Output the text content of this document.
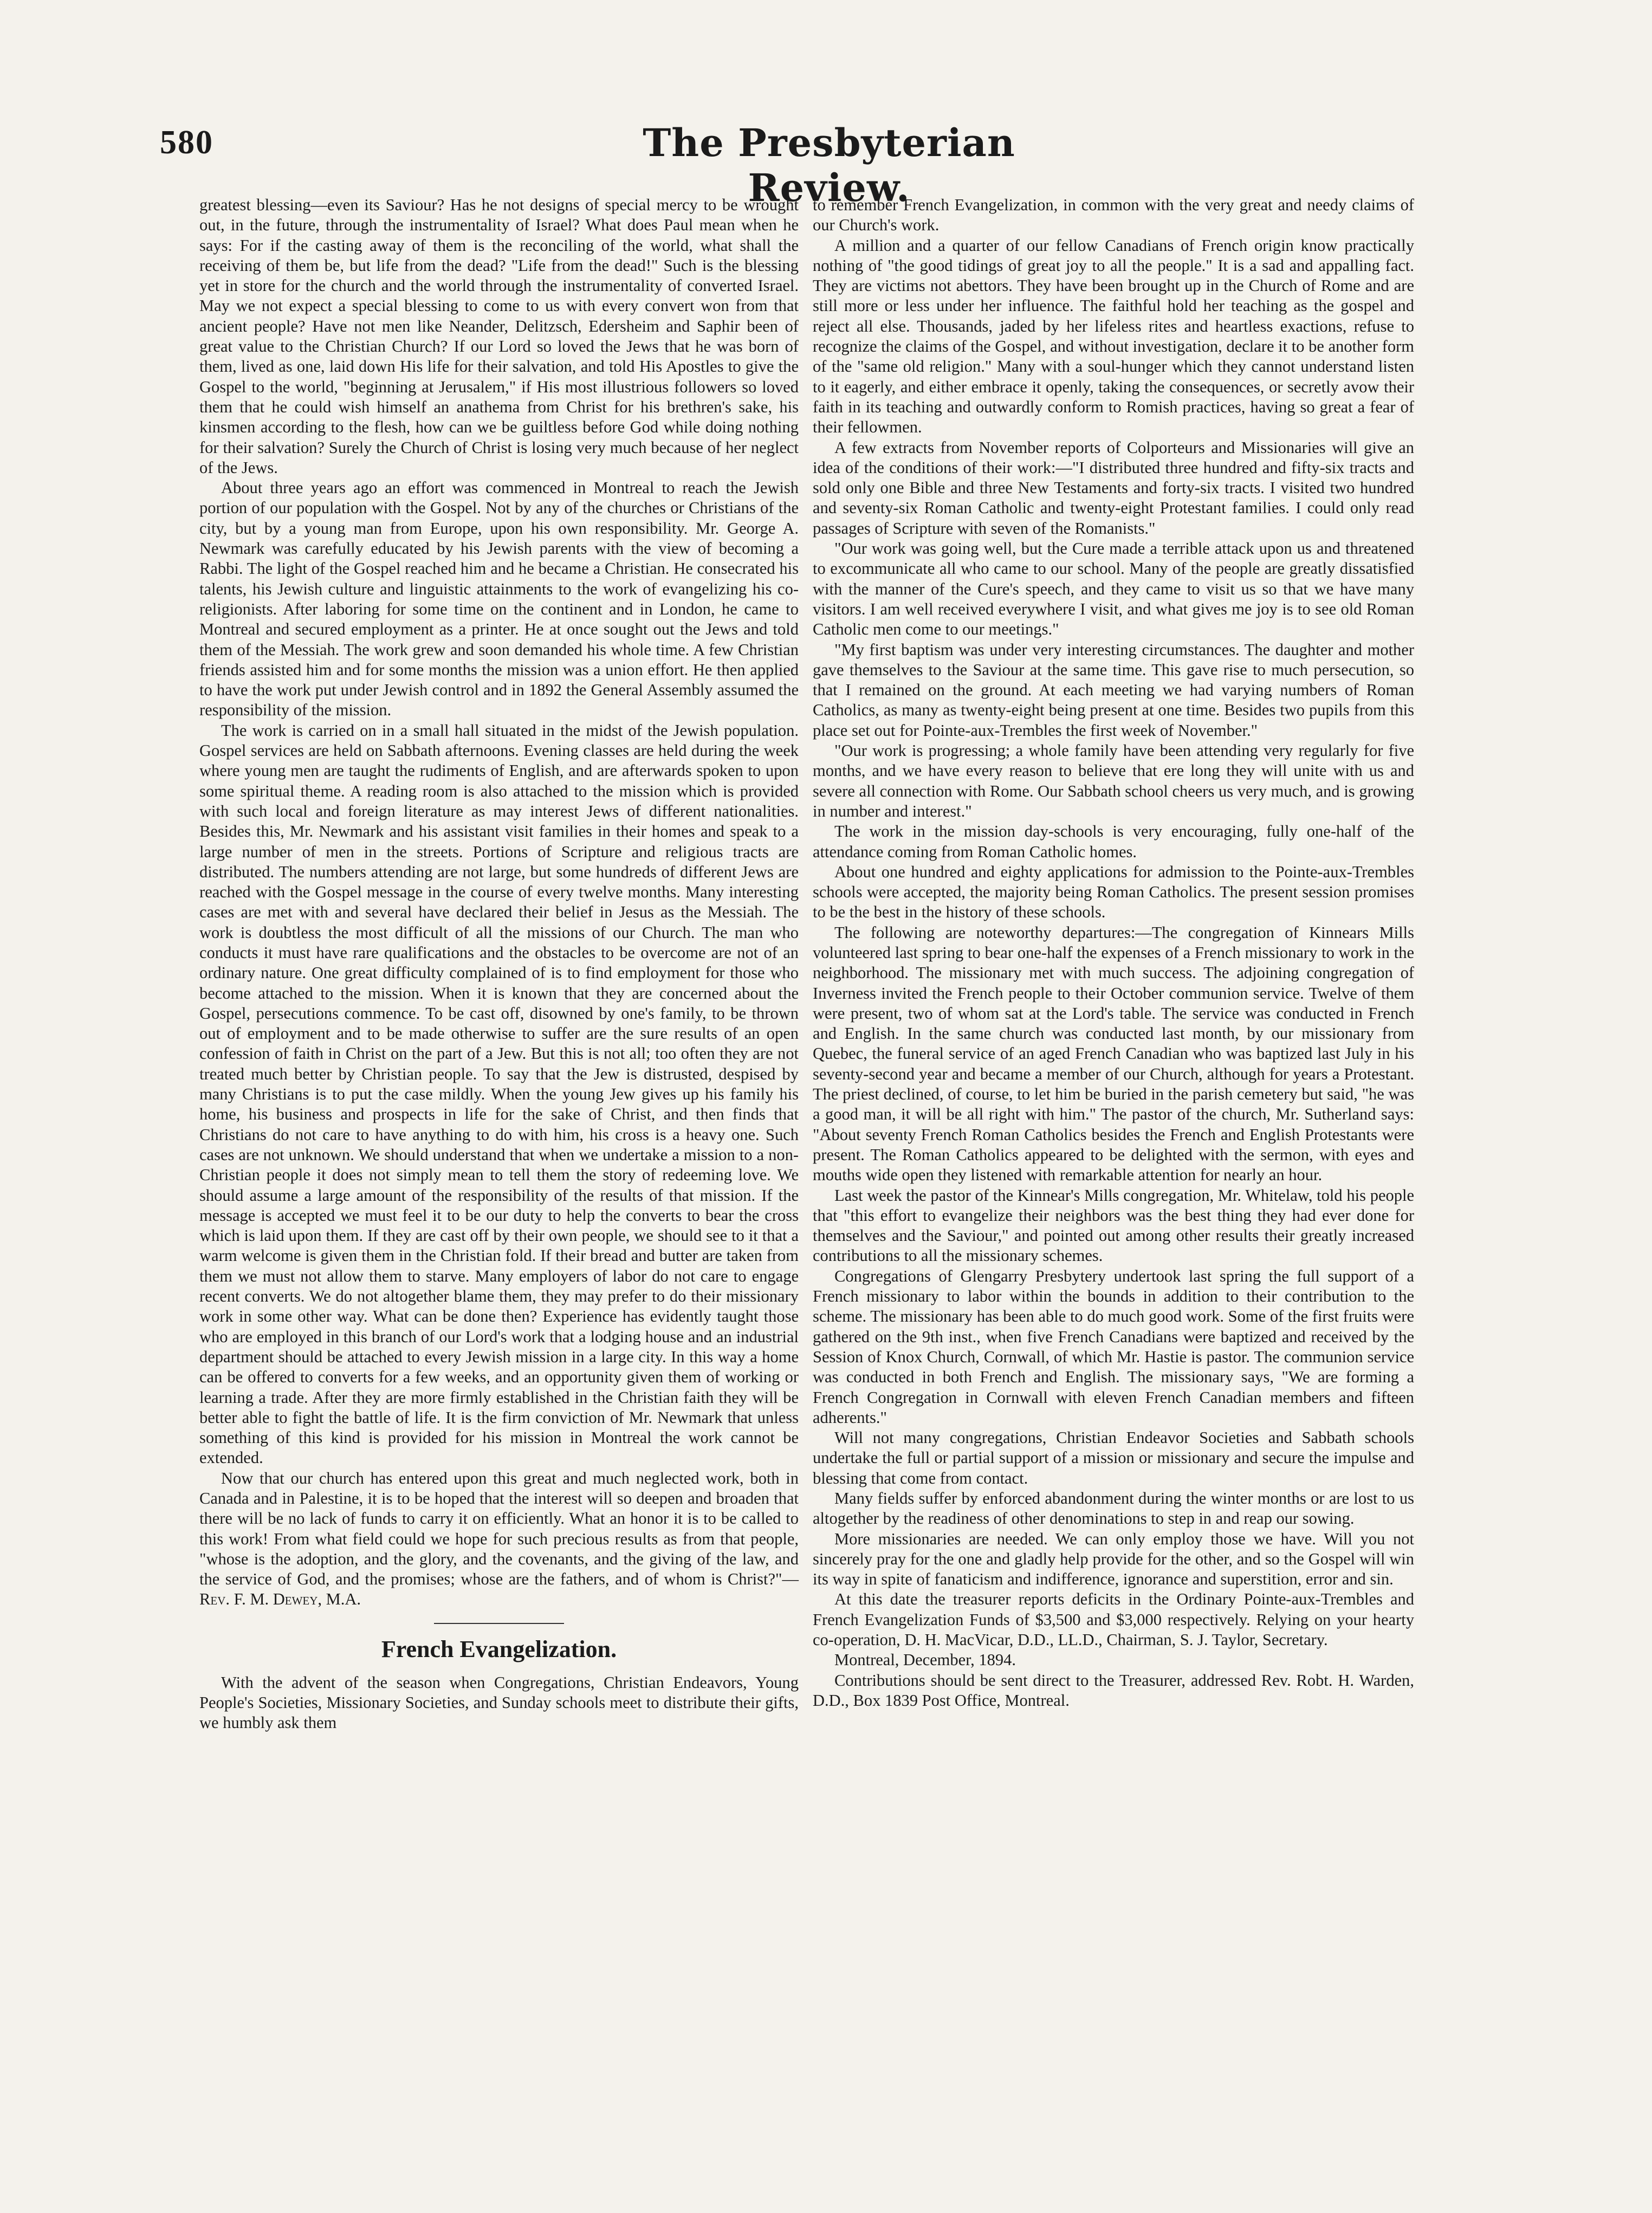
580	The Presbyterian Review.

greatest blessing—even its Saviour? Has he not designs of special mercy to be wrought out, in the future, through the instrumentality of Israel? What does Paul mean when he says: For if the casting away of them is the reconciling of the world, what shall the receiving of them be, but life from the dead? "Life from the dead!" Such is the blessing yet in store for the church and the world through the instrumentality of converted Israel. May we not expect a special blessing to come to us with every convert won from that ancient people? Have not men like Neander, Delitzsch, Edersheim and Saphir been of great value to the Christian Church? If our Lord so loved the Jews that he was born of them, lived as one, laid down His life for their salvation, and told His Apostles to give the Gospel to the world, "beginning at Jerusalem," if His most illustrious followers so loved them that he could wish himself an anathema from Christ for his brethren's sake, his kinsmen according to the flesh, how can we be guiltless before God while doing nothing for their salvation? Surely the Church of Christ is losing very much because of her neglect of the Jews.

About three years ago an effort was commenced in Montreal to reach the Jewish portion of our population with the Gospel. Not by any of the churches or Christians of the city, but by a young man from Europe, upon his own responsibility. Mr. George A. Newmark was carefully educated by his Jewish parents with the view of becoming a Rabbi. The light of the Gospel reached him and he became a Christian. He consecrated his talents, his Jewish culture and linguistic attainments to the work of evangelizing his co-religionists. After laboring for some time on the continent and in London, he came to Montreal and secured employment as a printer. He at once sought out the Jews and told them of the Messiah. The work grew and soon demanded his whole time. A few Christian friends assisted him and for some months the mission was a union effort. He then applied to have the work put under Jewish control and in 1892 the General Assembly assumed the responsibility of the mission.

The work is carried on in a small hall situated in the midst of the Jewish population. Gospel services are held on Sabbath afternoons. Evening classes are held during the week where young men are taught the rudiments of English, and are afterwards spoken to upon some spiritual theme. A reading room is also attached to the mission which is provided with such local and foreign literature as may interest Jews of different nationalities. Besides this, Mr. Newmark and his assistant visit families in their homes and speak to a large number of men in the streets. Portions of Scripture and religious tracts are distributed. The numbers attending are not large, but some hundreds of different Jews are reached with the Gospel message in the course of every twelve months. Many interesting cases are met with and several have declared their belief in Jesus as the Messiah. The work is doubtless the most difficult of all the missions of our Church. The man who conducts it must have rare qualifications and the obstacles to be overcome are not of an ordinary nature. One great difficulty complained of is to find employment for those who become attached to the mission. When it is known that they are concerned about the Gospel, persecutions commence. To be cast off, disowned by one's family, to be thrown out of employment and to be made otherwise to suffer are the sure results of an open confession of faith in Christ on the part of a Jew. But this is not all; too often they are not treated much better by Christian people. To say that the Jew is distrusted, despised by many Christians is to put the case mildly. When the young Jew gives up his family his home, his business and prospects in life for the sake of Christ, and then finds that Christians do not care to have anything to do with him, his cross is a heavy one. Such cases are not unknown. We should understand that when we undertake a mission to a non-Christian people it does not simply mean to tell them the story of redeeming love. We should assume a large amount of the responsibility of the results of that mission. If the message is accepted we must feel it to be our duty to help the converts to bear the cross which is laid upon them. If they are cast off by their own people, we should see to it that a warm welcome is given them in the Christian fold. If their bread and butter are taken from them we must not allow them to starve. Many employers of labor do not care to engage recent converts. We do not altogether blame them, they may prefer to do their missionary work in some other way. What can be done then? Experience has evidently taught those who are employed in this branch of our Lord's work that a lodging house and an industrial department should be attached to every Jewish mission in a large city. In this way a home can be offered to converts for a few weeks, and an opportunity given them of working or learning a trade. After they are more firmly established in the Christian faith they will be better able to fight the battle of life. It is the firm conviction of Mr. Newmark that unless something of this kind is provided for his mission in Montreal the work cannot be extended.

Now that our church has entered upon this great and much neglected work, both in Canada and in Palestine, it is to be hoped that the interest will so deepen and broaden that there will be no lack of funds to carry it on efficiently. What an honor it is to be called to this work! From what field could we hope for such precious results as from that people, "whose is the adoption, and the glory, and the covenants, and the giving of the law, and the service of God, and the promises; whose are the fathers, and of whom is Christ?"—Rev. F. M. Dewey, M.A.

French Evangelization.

With the advent of the season when Congregations, Christian Endeavors, Young People's Societies, Missionary Societies, and Sunday schools meet to distribute their gifts, we humbly ask them

to remember French Evangelization, in common with the very great and needy claims of our Church's work.

A million and a quarter of our fellow Canadians of French origin know practically nothing of "the good tidings of great joy to all the people." It is a sad and appalling fact. They are victims not abettors. They have been brought up in the Church of Rome and are still more or less under her influence. The faithful hold her teaching as the gospel and reject all else. Thousands, jaded by her lifeless rites and heartless exactions, refuse to recognize the claims of the Gospel, and without investigation, declare it to be another form of the "same old religion." Many with a soul-hunger which they cannot understand listen to it eagerly, and either embrace it openly, taking the consequences, or secretly avow their faith in its teaching and outwardly conform to Romish practices, having so great a fear of their fellowmen.

A few extracts from November reports of Colporteurs and Missionaries will give an idea of the conditions of their work:—"I distributed three hundred and fifty-six tracts and sold only one Bible and three New Testaments and forty-six tracts. I visited two hundred and seventy-six Roman Catholic and twenty-eight Protestant families. I could only read passages of Scripture with seven of the Romanists."

"Our work was going well, but the Cure made a terrible attack upon us and threatened to excommunicate all who came to our school. Many of the people are greatly dissatisfied with the manner of the Cure's speech, and they came to visit us so that we have many visitors. I am well received everywhere I visit, and what gives me joy is to see old Roman Catholic men come to our meetings."

"My first baptism was under very interesting circumstances. The daughter and mother gave themselves to the Saviour at the same time. This gave rise to much persecution, so that I remained on the ground. At each meeting we had varying numbers of Roman Catholics, as many as twenty-eight being present at one time. Besides two pupils from this place set out for Pointe-aux-Trembles the first week of November."

"Our work is progressing; a whole family have been attending very regularly for five months, and we have every reason to believe that ere long they will unite with us and severe all connection with Rome. Our Sabbath school cheers us very much, and is growing in number and interest."

The work in the mission day-schools is very encouraging, fully one-half of the attendance coming from Roman Catholic homes.

About one hundred and eighty applications for admission to the Pointe-aux-Trembles schools were accepted, the majority being Roman Catholics. The present session promises to be the best in the history of these schools.

The following are noteworthy departures:—The congregation of Kinnears Mills volunteered last spring to bear one-half the expenses of a French missionary to work in the neighborhood. The missionary met with much success. The adjoining congregation of Inverness invited the French people to their October communion service. Twelve of them were present, two of whom sat at the Lord's table. The service was conducted in French and English. In the same church was conducted last month, by our missionary from Quebec, the funeral service of an aged French Canadian who was baptized last July in his seventy-second year and became a member of our Church, although for years a Protestant. The priest declined, of course, to let him be buried in the parish cemetery but said, "he was a good man, it will be all right with him." The pastor of the church, Mr. Sutherland says: "About seventy French Roman Catholics besides the French and English Protestants were present. The Roman Catholics appeared to be delighted with the sermon, with eyes and mouths wide open they listened with remarkable attention for nearly an hour.

Last week the pastor of the Kinnear's Mills congregation, Mr. Whitelaw, told his people that "this effort to evangelize their neighbors was the best thing they had ever done for themselves and the Saviour," and pointed out among other results their greatly increased contributions to all the missionary schemes.

Congregations of Glengarry Presbytery undertook last spring the full support of a French missionary to labor within the bounds in addition to their contribution to the scheme. The missionary has been able to do much good work. Some of the first fruits were gathered on the 9th inst., when five French Canadians were baptized and received by the Session of Knox Church, Cornwall, of which Mr. Hastie is pastor. The communion service was conducted in both French and English. The missionary says, "We are forming a French Congregation in Cornwall with eleven French Canadian members and fifteen adherents."

Will not many congregations, Christian Endeavor Societies and Sabbath schools undertake the full or partial support of a mission or missionary and secure the impulse and blessing that come from contact.

Many fields suffer by enforced abandonment during the winter months or are lost to us altogether by the readiness of other denominations to step in and reap our sowing.

More missionaries are needed. We can only employ those we have. Will you not sincerely pray for the one and gladly help provide for the other, and so the Gospel will win its way in spite of fanaticism and indifference, ignorance and superstition, error and sin.

At this date the treasurer reports deficits in the Ordinary Pointe-aux-Trembles and French Evangelization Funds of $3,500 and $3,000 respectively. Relying on your hearty co-operation, D. H. MacVicar, D.D., LL.D., Chairman, S. J. Taylor, Secretary.

Montreal, December, 1894.

Contributions should be sent direct to the Treasurer, addressed Rev. Robt. H. Warden, D.D., Box 1839 Post Office, Montreal.
